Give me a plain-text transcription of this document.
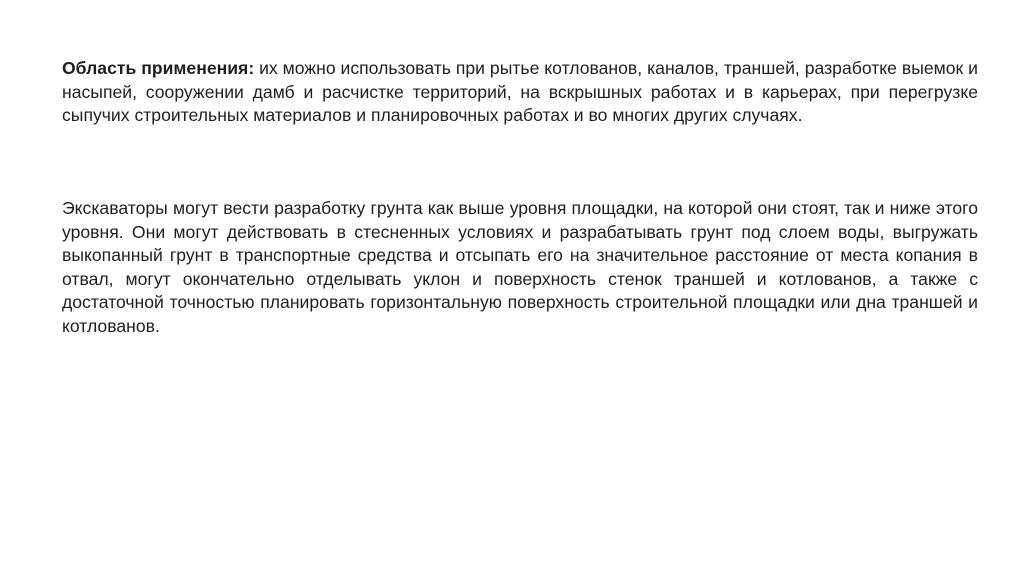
Область применения: их можно использовать при рытье котлованов, каналов, траншей, разработке выемок и насыпей, сооружении дамб и расчистке территорий, на вскрышных работах и в карьерах, при перегрузке сыпучих строительных материалов и планировочных работах и во многих других случаях.

Экскаваторы могут вести разработку грунта как выше уровня площадки, на которой они стоят, так и ниже этого уровня. Они могут действовать в стесненных условиях и разрабатывать грунт под слоем воды, выгружать выкопанный грунт в транспортные средства и отсыпать его на значительное расстояние от места копания в отвал, могут окончательно отделывать уклон и поверхность стенок траншей и котлованов, а также с достаточной точностью планировать горизонтальную поверхность строительной площадки или дна траншей и котлованов.
